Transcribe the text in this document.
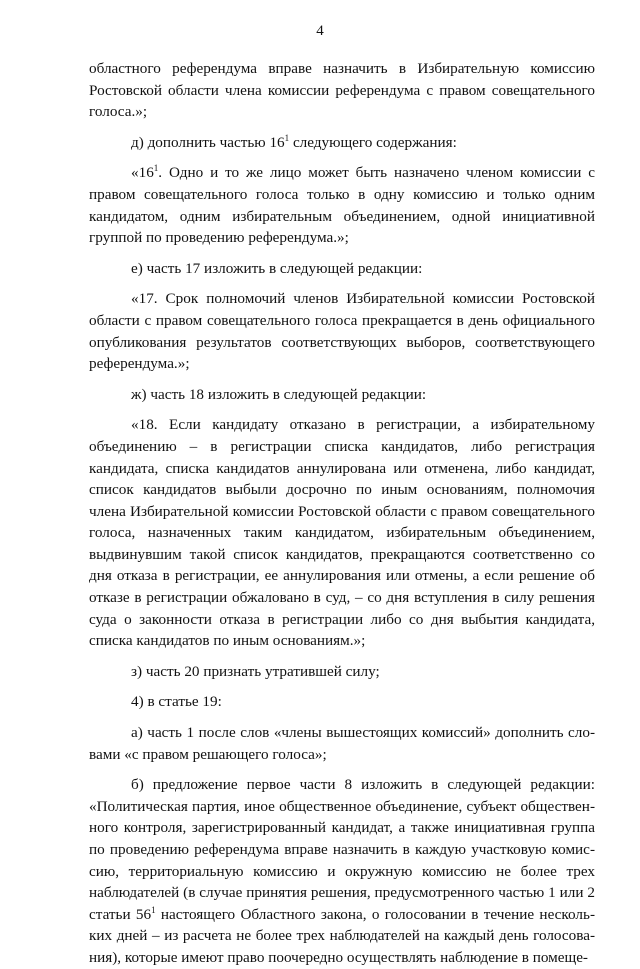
4

областного референдума вправе назначить в Избирательную комиссию Ростовской области члена комиссии референдума с правом совещательного голоса.»;

д) дополнить частью $16^1$ следующего содержания:

«$16^1$. Одно и то же лицо может быть назначено членом комиссии с правом совещательного голоса только в одну комиссию и только одним кандидатом, одним избирательным объединением, одной инициативной группой по проведению референдума.»;

е) часть 17 изложить в следующей редакции:

«17. Срок полномочий членов Избирательной комиссии Ростовской области с правом совещательного голоса прекращается в день официального опубликования результатов соответствующих выборов, соответствующего референдума.»;

ж) часть 18 изложить в следующей редакции:

«18. Если кандидату отказано в регистрации, а избирательному объединению – в регистрации списка кандидатов, либо регистрация кандидата, списка кандидатов аннулирована или отменена, либо кандидат, список кандидатов выбыли досрочно по иным основаниям, полномочия члена Избирательной комиссии Ростовской области с правом совещательного голоса, назначенных таким кандидатом, избирательным объединением, выдвинувшим такой список кандидатов, прекращаются соответственно со дня отказа в регистрации, ее аннулирования или отмены, а если решение об отказе в регистрации обжаловано в суд, – со дня вступления в силу решения суда о законности отказа в регистрации либо со дня выбытия кандидата, списка кандидатов по иным основаниям.»;

з) часть 20 признать утратившей силу;

4) в статье 19:

а) часть 1 после слов «члены вышестоящих комиссий» дополнить словами «с правом решающего голоса»;

б) предложение первое части 8 изложить в следующей редакции: «Политическая партия, иное общественное объединение, субъект общественного контроля, зарегистрированный кандидат, а также инициативная группа по проведению референдума вправе назначить в каждую участковую комиссию, территориальную комиссию и окружную комиссию не более трех наблюдателей (в случае принятия решения, предусмотренного частью 1 или 2 статьи $56^1$ настоящего Областного закона, о голосовании в течение нескольких дней – из расчета не более трех наблюдателей на каждый день голосования), которые имеют право поочередно осуществлять наблюдение в помеще-
